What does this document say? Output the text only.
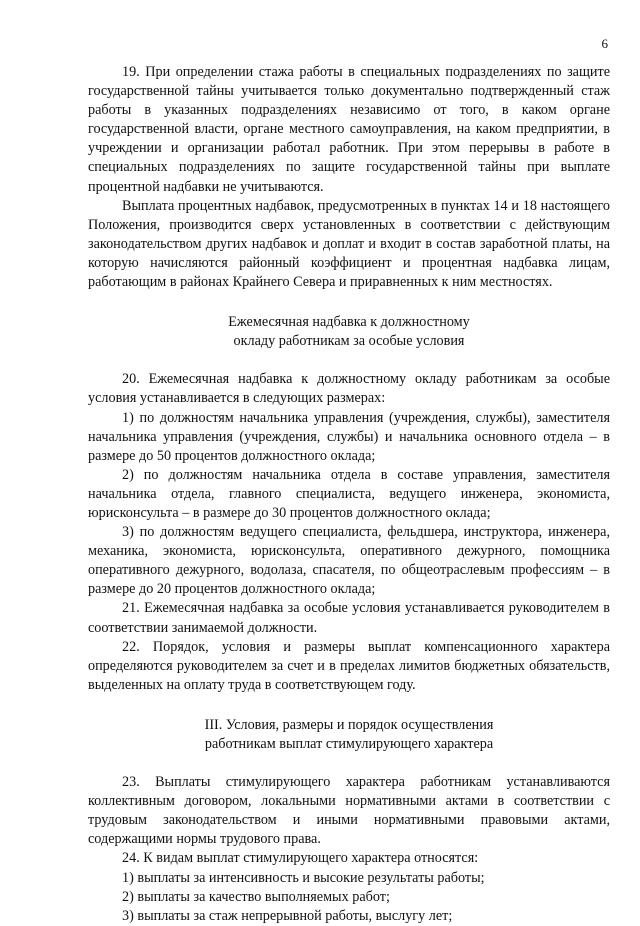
6

19. При определении стажа работы в специальных подразделениях по защите государственной тайны учитывается только документально подтвержденный стаж работы в указанных подразделениях независимо от того, в каком органе государственной власти, органе местного самоуправления, на каком предприятии, в учреждении и организации работал работник. При этом перерывы в работе в специальных подразделениях по защите государственной тайны при выплате процентной надбавки не учитываются.

Выплата процентных надбавок, предусмотренных в пунктах 14 и 18 настоящего Положения, производится сверх установленных в соответствии с действующим законодательством других надбавок и доплат и входит в состав заработной платы, на которую начисляются районный коэффициент и процентная надбавка лицам, работающим в районах Крайнего Севера и приравненных к ним местностях.

Ежемесячная надбавка к должностному
окладу работникам за особые условия

20. Ежемесячная надбавка к должностному окладу работникам за особые условия устанавливается в следующих размерах:

1) по должностям начальника управления (учреждения, службы), заместителя начальника управления (учреждения, службы) и начальника основного отдела – в размере до 50 процентов должностного оклада;

2) по должностям начальника отдела в составе управления, заместителя начальника отдела, главного специалиста, ведущего инженера, экономиста, юрисконсульта – в размере до 30 процентов должностного оклада;

3) по должностям ведущего специалиста, фельдшера, инструктора, инженера, механика, экономиста, юрисконсульта, оперативного дежурного, помощника оперативного дежурного, водолаза, спасателя, по общеотраслевым профессиям – в размере до 20 процентов должностного оклада;

21. Ежемесячная надбавка за особые условия устанавливается руководителем в соответствии занимаемой должности.

22. Порядок, условия и размеры выплат компенсационного характера определяются руководителем за счет и в пределах лимитов бюджетных обязательств, выделенных на оплату труда в соответствующем году.

III. Условия, размеры и порядок осуществления
работникам выплат стимулирующего характера

23. Выплаты стимулирующего характера работникам устанавливаются коллективным договором, локальными нормативными актами в соответствии с трудовым законодательством и иными нормативными правовыми актами, содержащими нормы трудового права.

24. К видам выплат стимулирующего характера относятся:

1) выплаты за интенсивность и высокие результаты работы;

2) выплаты за качество выполняемых работ;

3) выплаты за стаж непрерывной работы, выслугу лет;
